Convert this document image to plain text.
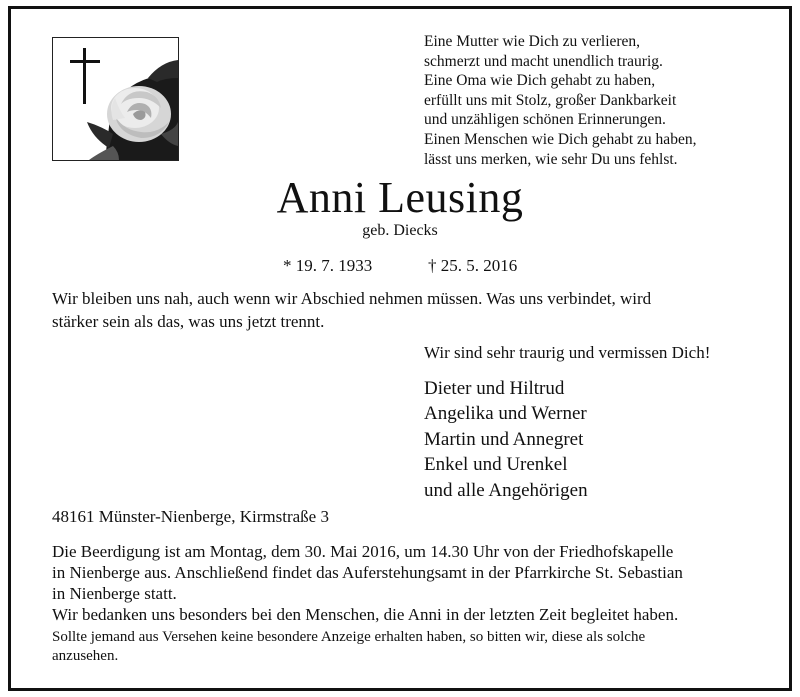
Eine Mutter wie Dich zu verlieren,
schmerzt und macht unendlich traurig.
Eine Oma wie Dich gehabt zu haben,
erfüllt uns mit Stolz, großer Dankbarkeit
und unzähligen schönen Erinnerungen.
Einen Menschen wie Dich gehabt zu haben,
lässt uns merken, wie sehr Du uns fehlst.
Anni Leusing
geb. Diecks
* 19. 7. 1933	† 25. 5. 2016
Wir bleiben uns nah, auch wenn wir Abschied nehmen müssen. Was uns verbindet, wird
stärker sein als das, was uns jetzt trennt.
Wir sind sehr traurig und vermissen Dich!
Dieter und Hiltrud
Angelika und Werner
Martin und Annegret
Enkel und Urenkel
und alle Angehörigen
48161 Münster-Nienberge, Kirmstraße 3
Die Beerdigung ist am Montag, dem 30. Mai 2016, um 14.30 Uhr von der Friedhofskapelle
in Nienberge aus. Anschließend findet das Auferstehungsamt in der Pfarrkirche St. Sebastian
in Nienberge statt.
Wir bedanken uns besonders bei den Menschen, die Anni in der letzten Zeit begleitet haben.
Sollte jemand aus Versehen keine besondere Anzeige erhalten haben, so bitten wir, diese als solche
anzusehen.
